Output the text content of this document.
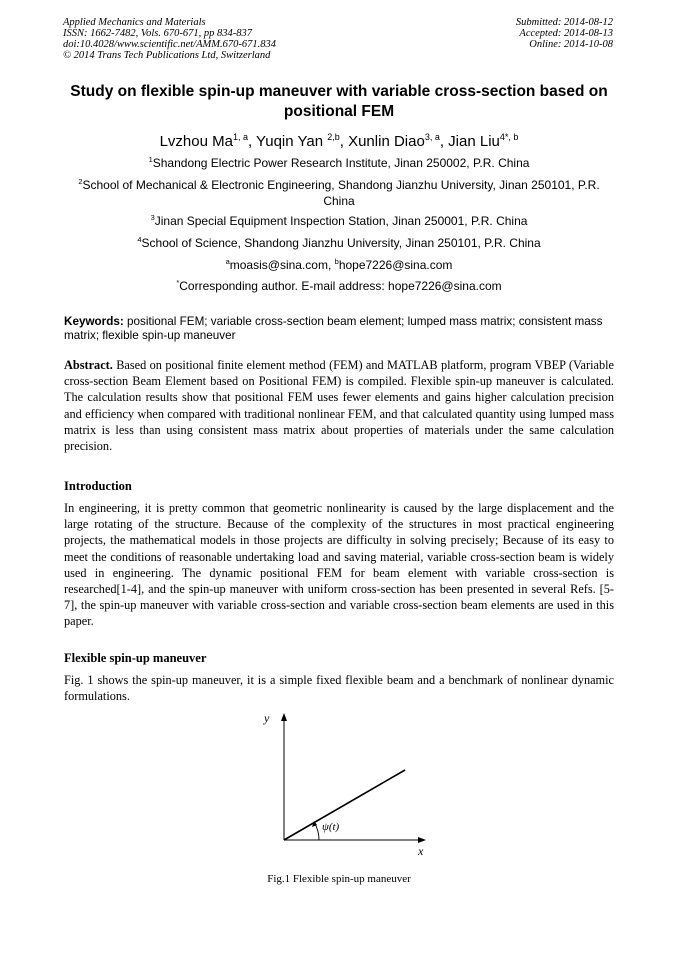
Applied Mechanics and Materials
ISSN: 1662-7482, Vols. 670-671, pp 834-837
doi:10.4028/www.scientific.net/AMM.670-671.834
© 2014 Trans Tech Publications Ltd, Switzerland
Submitted: 2014-08-12
Accepted: 2014-08-13
Online: 2014-10-08
Study on flexible spin-up maneuver with variable cross-section based on
positional FEM
Lvzhou Ma$^{1, a}$, Yuqin Yan $^{2,b}$, Xunlin Diao$^{3, a}$, Jian Liu$^{4*, b}$
$^1$Shandong Electric Power Research Institute, Jinan 250002, P.R. China
$^2$School of Mechanical & Electronic Engineering, Shandong Jianzhu University, Jinan 250101, P.R.
China
$^3$Jinan Special Equipment Inspection Station, Jinan 250001, P.R. China
$^4$School of Science, Shandong Jianzhu University, Jinan 250101, P.R. China
$^a$moasis@sina.com, $^b$hope7226@sina.com
*Corresponding author. E-mail address: hope7226@sina.com
Keywords: positional FEM; variable cross-section beam element; lumped mass matrix; consistent mass matrix; flexible spin-up maneuver
Abstract. Based on positional finite element method (FEM) and MATLAB platform, program VBEP (Variable cross-section Beam Element based on Positional FEM) is compiled. Flexible spin-up maneuver is calculated. The calculation results show that positional FEM uses fewer elements and gains higher calculation precision and efficiency when compared with traditional nonlinear FEM, and that calculated quantity using lumped mass matrix is less than using consistent mass matrix about properties of materials under the same calculation precision.
Introduction
In engineering, it is pretty common that geometric nonlinearity is caused by the large displacement and the large rotating of the structure. Because of the complexity of the structures in most practical engineering projects, the mathematical models in those projects are difficulty in solving precisely; Because of its easy to meet the conditions of reasonable undertaking load and saving material, variable cross-section beam is widely used in engineering. The dynamic positional FEM for beam element with variable cross-section is researched[1-4], and the spin-up maneuver with uniform cross-section has been presented in several Refs. [5-7], the spin-up maneuver with variable cross-section and variable cross-section beam elements are used in this paper.
Flexible spin-up maneuver
Fig. 1 shows the spin-up maneuver, it is a simple fixed flexible beam and a benchmark of nonlinear dynamic formulations.
y
x
ψ(t)
Fig.1 Flexible spin-up maneuver
